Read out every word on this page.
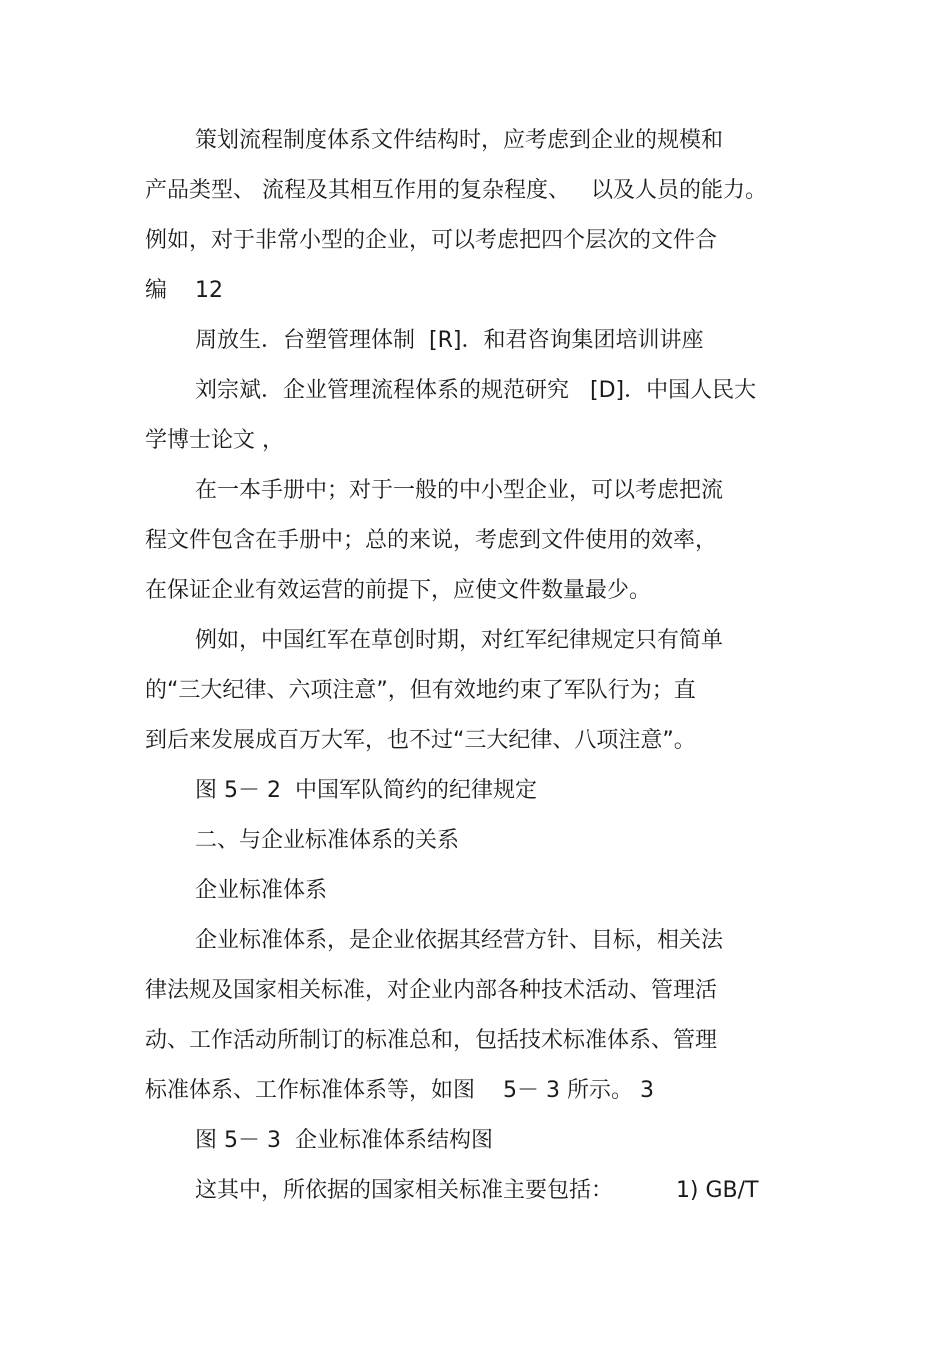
策划流程制度体系文件结构时，应考虑到企业的规模和
产品类型、 流程及其相互作用的复杂程度、   以及人员的能力。
例如，对于非常小型的企业，可以考虑把四个层次的文件合
编    12
周放生．台塑管理体制  [R]．和君咨询集团培训讲座
刘宗斌．企业管理流程体系的规范研究   [D]．中国人民大
学博士论文 ，
在一本手册中；对于一般的中小型企业，可以考虑把流
程文件包含在手册中；总的来说，考虑到文件使用的效率，
在保证企业有效运营的前提下，应使文件数量最少。
例如，中国红军在草创时期，对红军纪律规定只有简单
的“三大纪律、六项注意”，但有效地约束了军队行为；直
到后来发展成百万大军，也不过“三大纪律、八项注意”。
图 5－ 2  中国军队简约的纪律规定
二、与企业标准体系的关系
企业标准体系
企业标准体系，是企业依据其经营方针、目标，相关法
律法规及国家相关标准，对企业内部各种技术活动、管理活
动、工作活动所制订的标准总和，包括技术标准体系、管理
标准体系、工作标准体系等，如图    5－ 3 所示。 3
图 5－ 3  企业标准体系结构图
这其中，所依据的国家相关标准主要包括：         1) GB/T
